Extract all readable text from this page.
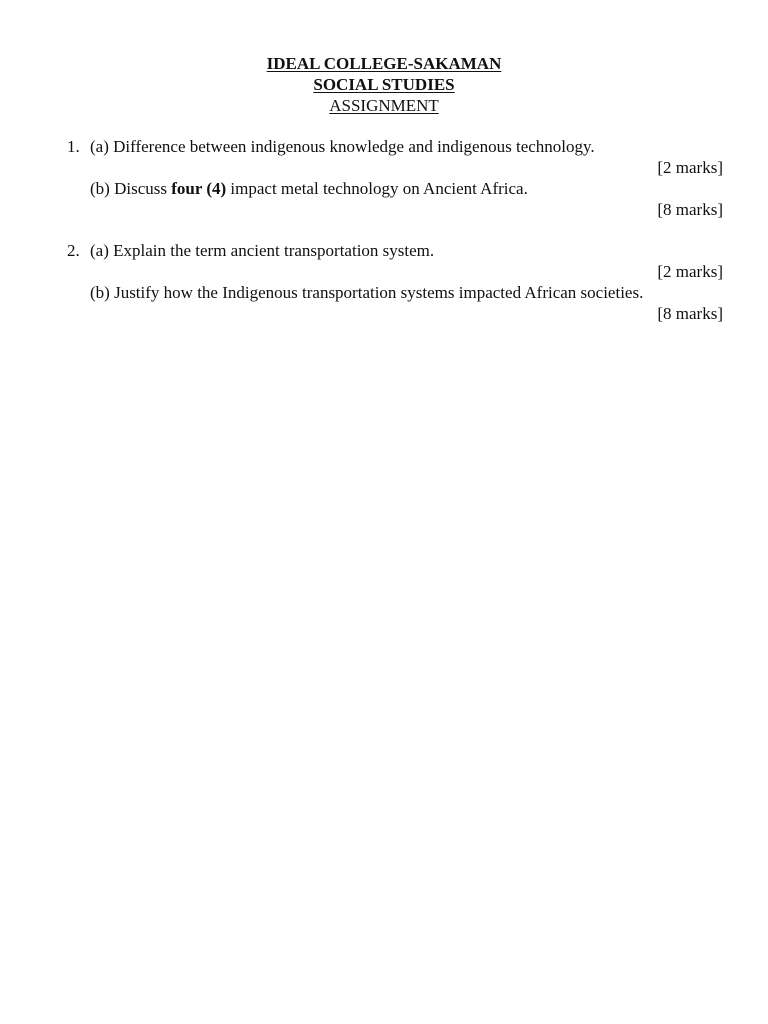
IDEAL COLLEGE-SAKAMAN
SOCIAL STUDIES
ASSIGNMENT
1. (a) Difference between indigenous knowledge and indigenous technology.
[2 marks]
(b) Discuss four (4) impact metal technology on Ancient Africa.
[8 marks]
2. (a) Explain the term ancient transportation system.
[2 marks]
(b) Justify how the Indigenous transportation systems impacted African societies.
[8 marks]
